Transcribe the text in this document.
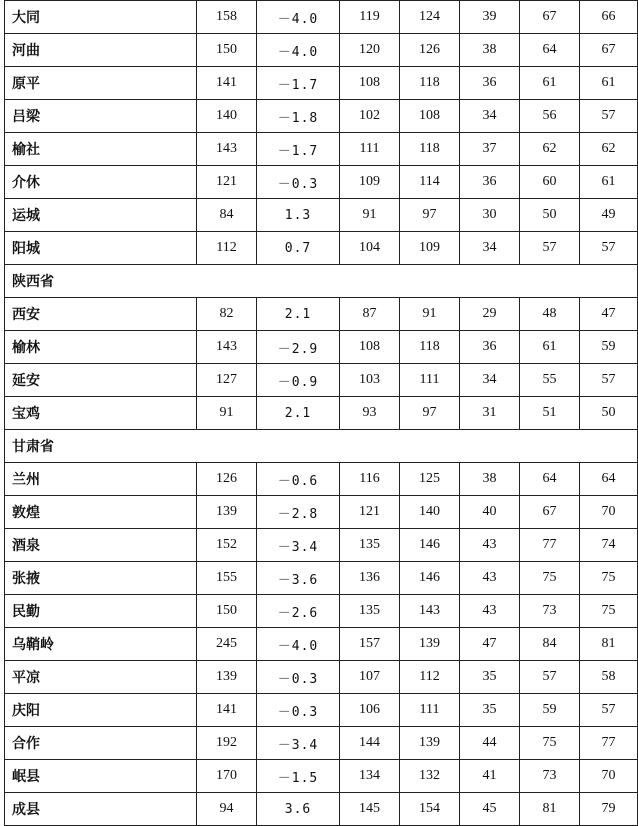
大同	158	－4.0	119	124	39	67	66
河曲	150	－4.0	120	126	38	64	67
原平	141	－1.7	108	118	36	61	61
吕梁	140	－1.8	102	108	34	56	57
榆社	143	－1.7	111	118	37	62	62
介休	121	－0.3	109	114	36	60	61
运城	84	1.3	91	97	30	50	49
阳城	112	0.7	104	109	34	57	57
陕西省							
西安	82	2.1	87	91	29	48	47
榆林	143	－2.9	108	118	36	61	59
延安	127	－0.9	103	111	34	55	57
宝鸡	91	2.1	93	97	31	51	50
甘肃省							
兰州	126	－0.6	116	125	38	64	64
敦煌	139	－2.8	121	140	40	67	70
酒泉	152	－3.4	135	146	43	77	74
张掖	155	－3.6	136	146	43	75	75
民勤	150	－2.6	135	143	43	73	75
乌鞘岭	245	－4.0	157	139	47	84	81
平凉	139	－0.3	107	112	35	57	58
庆阳	141	－0.3	106	111	35	59	57
合作	192	－3.4	144	139	44	75	77
岷县	170	－1.5	134	132	41	73	70
成县	94	3.6	145	154	45	81	79
